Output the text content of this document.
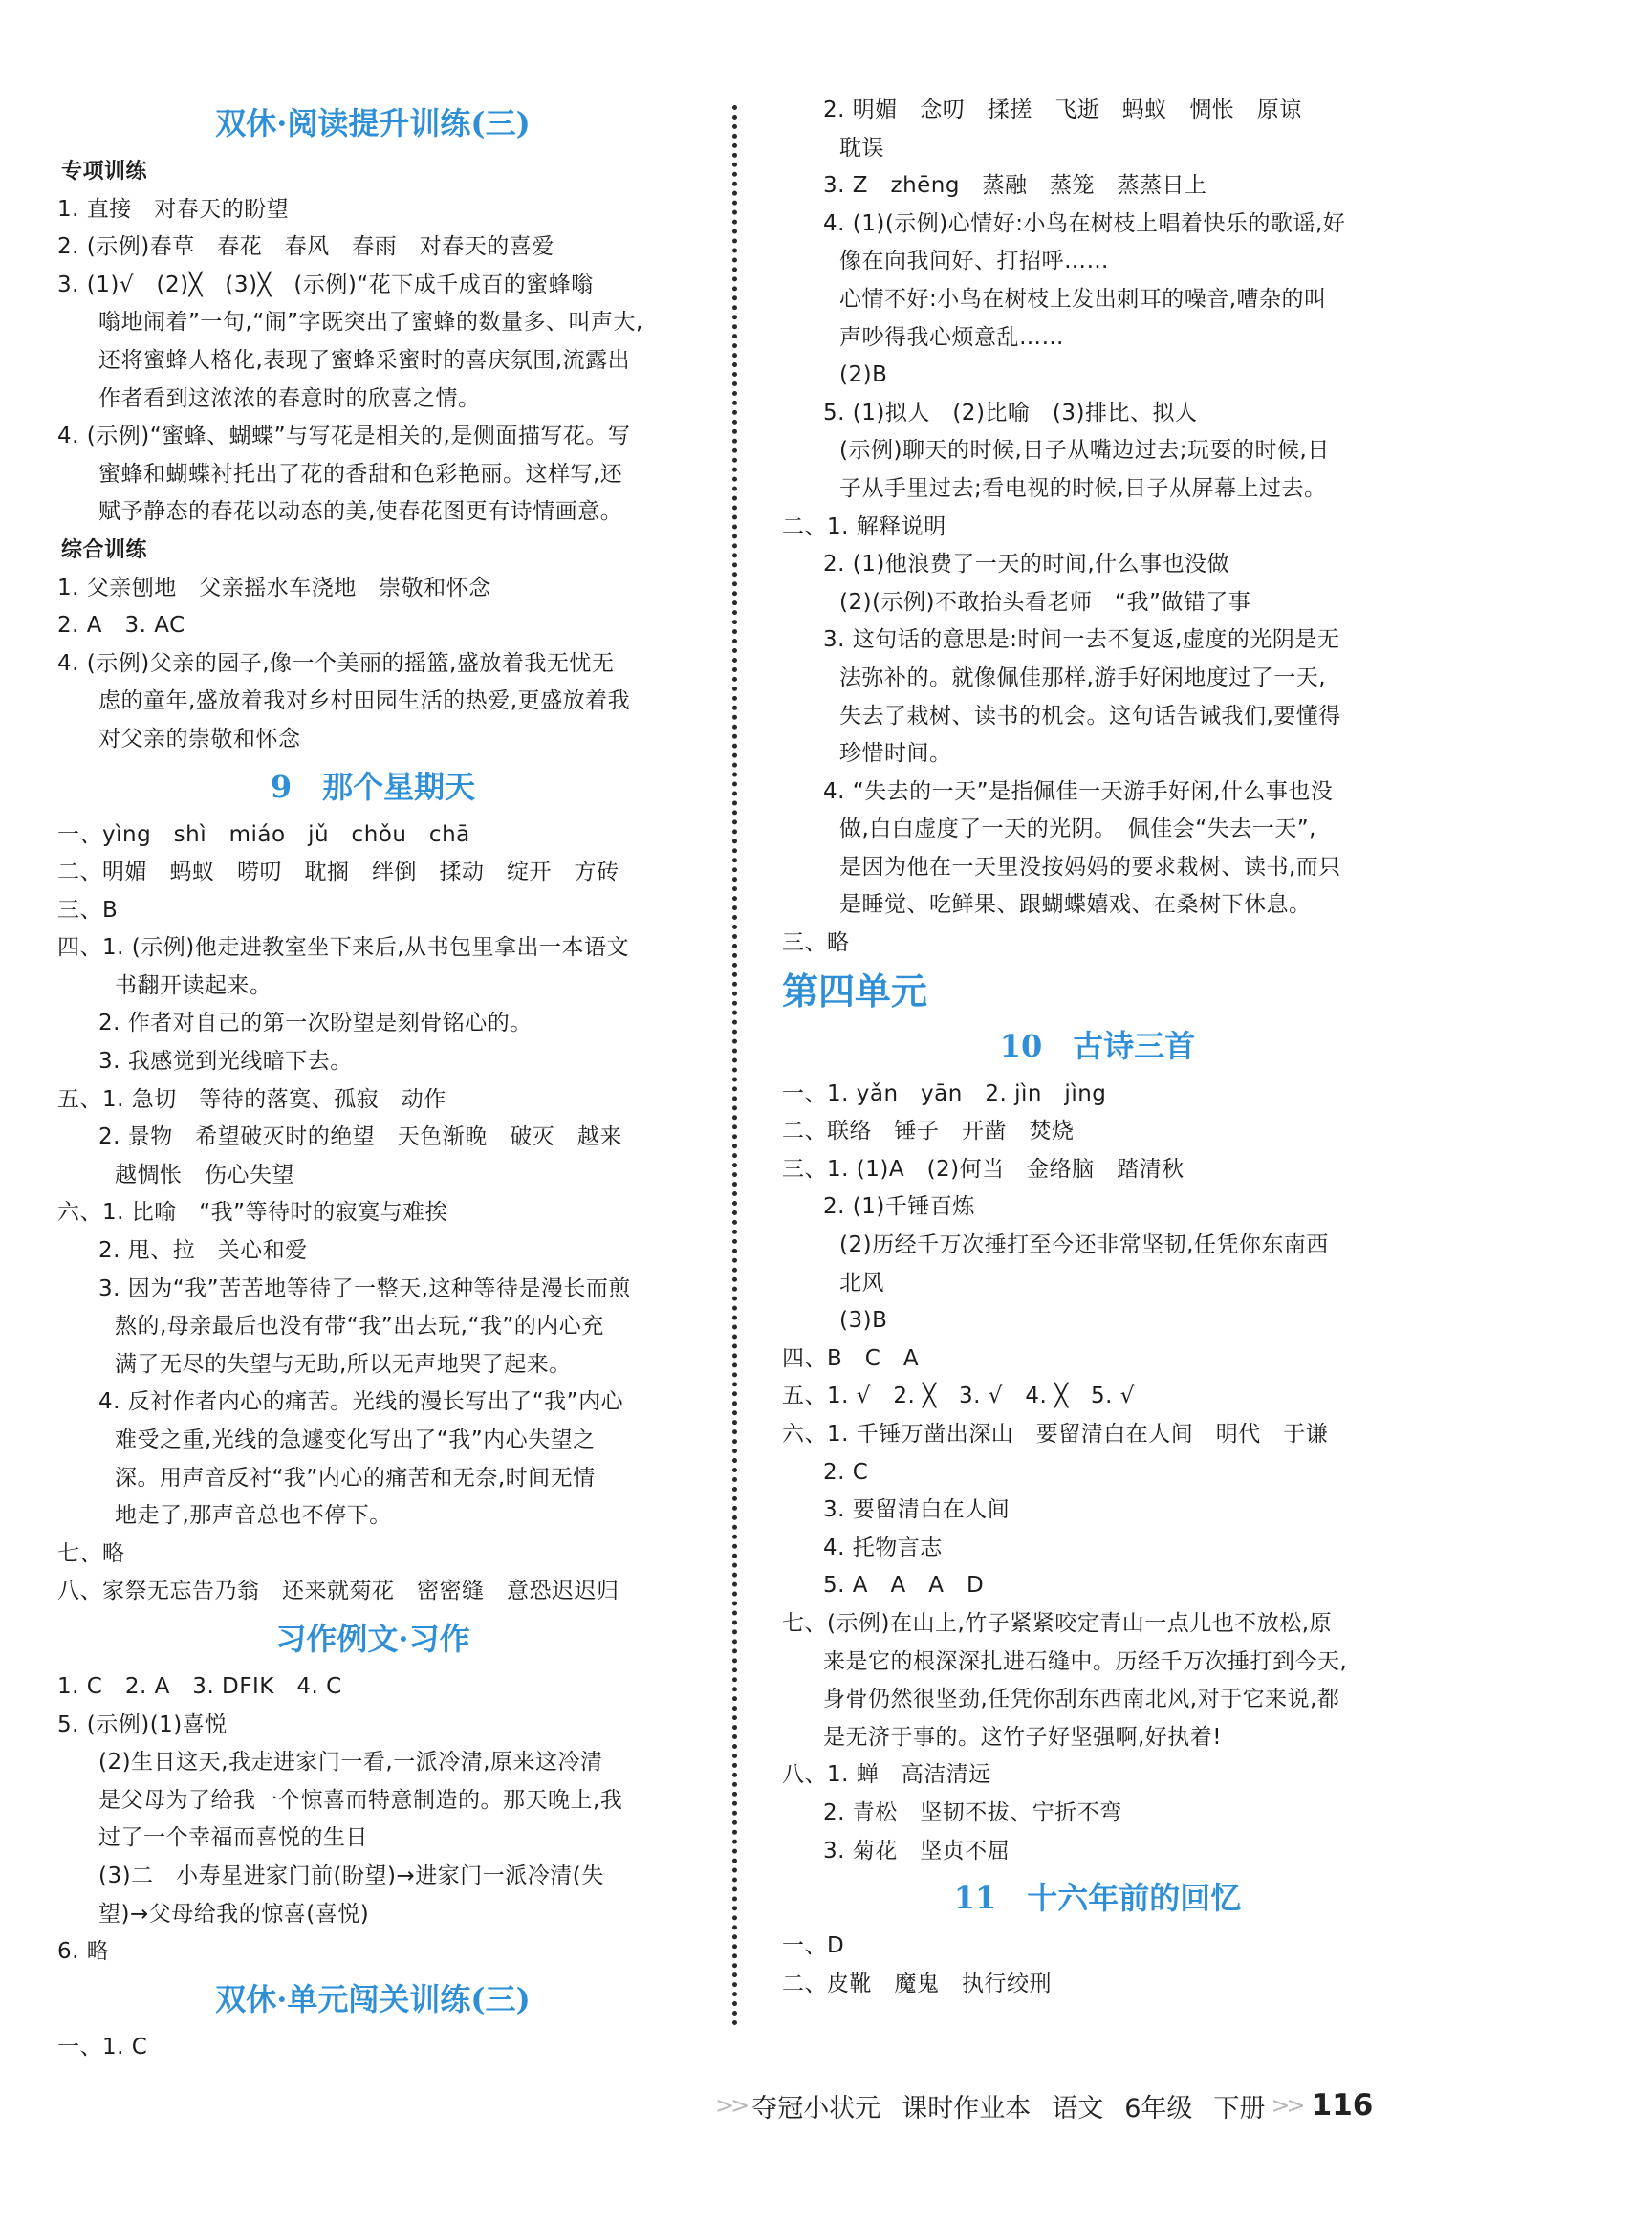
双休·阅读提升训练(三)
专项训练
1. 直接　对春天的盼望
2. (示例)春草　春花　春风　春雨　对春天的喜爱
3. (1)√　(2)╳　(3)╳　(示例)“花下成千成百的蜜蜂嗡
嗡地闹着”一句,“闹”字既突出了蜜蜂的数量多、叫声大,
还将蜜蜂人格化,表现了蜜蜂采蜜时的喜庆氛围,流露出
作者看到这浓浓的春意时的欣喜之情。
4. (示例)“蜜蜂、蝴蝶”与写花是相关的,是侧面描写花。写
蜜蜂和蝴蝶衬托出了花的香甜和色彩艳丽。这样写,还
赋予静态的春花以动态的美,使春花图更有诗情画意。
综合训练
1. 父亲刨地　父亲摇水车浇地　崇敬和怀念
2. A　3. AC
4. (示例)父亲的园子,像一个美丽的摇篮,盛放着我无忧无
虑的童年,盛放着我对乡村田园生活的热爱,更盛放着我
对父亲的崇敬和怀念
9　那个星期天
一、yìng　shì　miáo　jǔ　chǒu　chā
二、明媚　蚂蚁　唠叨　耽搁　绊倒　揉动　绽开　方砖
三、B
四、1. (示例)他走进教室坐下来后,从书包里拿出一本语文
书翻开读起来。
2. 作者对自己的第一次盼望是刻骨铭心的。
3. 我感觉到光线暗下去。
五、1. 急切　等待的落寞、孤寂　动作
2. 景物　希望破灭时的绝望　天色渐晚　破灭　越来
越惆怅　伤心失望
六、1. 比喻　“我”等待时的寂寞与难挨
2. 甩、拉　关心和爱
3. 因为“我”苦苦地等待了一整天,这种等待是漫长而煎
熬的,母亲最后也没有带“我”出去玩,“我”的内心充
满了无尽的失望与无助,所以无声地哭了起来。
4. 反衬作者内心的痛苦。光线的漫长写出了“我”内心
难受之重,光线的急遽变化写出了“我”内心失望之
深。用声音反衬“我”内心的痛苦和无奈,时间无情
地走了,那声音总也不停下。
七、略
八、家祭无忘告乃翁　还来就菊花　密密缝　意恐迟迟归
习作例文·习作
1. C　2. A　3. DFIK　4. C
5. (示例)(1)喜悦
(2)生日这天,我走进家门一看,一派冷清,原来这冷清
是父母为了给我一个惊喜而特意制造的。那天晚上,我
过了一个幸福而喜悦的生日
(3)二　小寿星进家门前(盼望)→进家门一派冷清(失
望)→父母给我的惊喜(喜悦)
6. 略
双休·单元闯关训练(三)
一、1. C
2. 明媚　念叨　揉搓　飞逝　蚂蚁　惆怅　原谅
耽误
3. Z　zhēng　蒸融　蒸笼　蒸蒸日上
4. (1)(示例)心情好:小鸟在树枝上唱着快乐的歌谣,好
像在向我问好、打招呼……
心情不好:小鸟在树枝上发出刺耳的噪音,嘈杂的叫
声吵得我心烦意乱……
(2)B
5. (1)拟人　(2)比喻　(3)排比、拟人
(示例)聊天的时候,日子从嘴边过去;玩耍的时候,日
子从手里过去;看电视的时候,日子从屏幕上过去。
二、1. 解释说明
2. (1)他浪费了一天的时间,什么事也没做
(2)(示例)不敢抬头看老师　“我”做错了事
3. 这句话的意思是:时间一去不复返,虚度的光阴是无
法弥补的。就像佩佳那样,游手好闲地度过了一天,
失去了栽树、读书的机会。这句话告诫我们,要懂得
珍惜时间。
4. “失去的一天”是指佩佳一天游手好闲,什么事也没
做,白白虚度了一天的光阴。　佩佳会“失去一天”,
是因为他在一天里没按妈妈的要求栽树、读书,而只
是睡觉、吃鲜果、跟蝴蝶嬉戏、在桑树下休息。
三、略
第四单元
10　古诗三首
一、1. yǎn　yān　2. jìn　jìng
二、联络　锤子　开凿　焚烧
三、1. (1)A　(2)何当　金络脑　踏清秋
2. (1)千锤百炼
(2)历经千万次捶打至今还非常坚韧,任凭你东南西
北风
(3)B
四、B　C　A
五、1. √　2. ╳　3. √　4. ╳　5. √
六、1. 千锤万凿出深山　要留清白在人间　明代　于谦
2. C
3. 要留清白在人间
4. 托物言志
5. A　A　A　D
七、(示例)在山上,竹子紧紧咬定青山一点儿也不放松,原
来是它的根深深扎进石缝中。历经千万次捶打到今天,
身骨仍然很坚劲,任凭你刮东西南北风,对于它来说,都
是无济于事的。这竹子好坚强啊,好执着!
八、1. 蝉　高洁清远
2. 青松　坚韧不拔、宁折不弯
3. 菊花　坚贞不屈
11　十六年前的回忆
一、D
二、皮靴　魔鬼　执行绞刑
>> 夺冠小状元 课时作业本 语文 6年级 下册 >> 116
